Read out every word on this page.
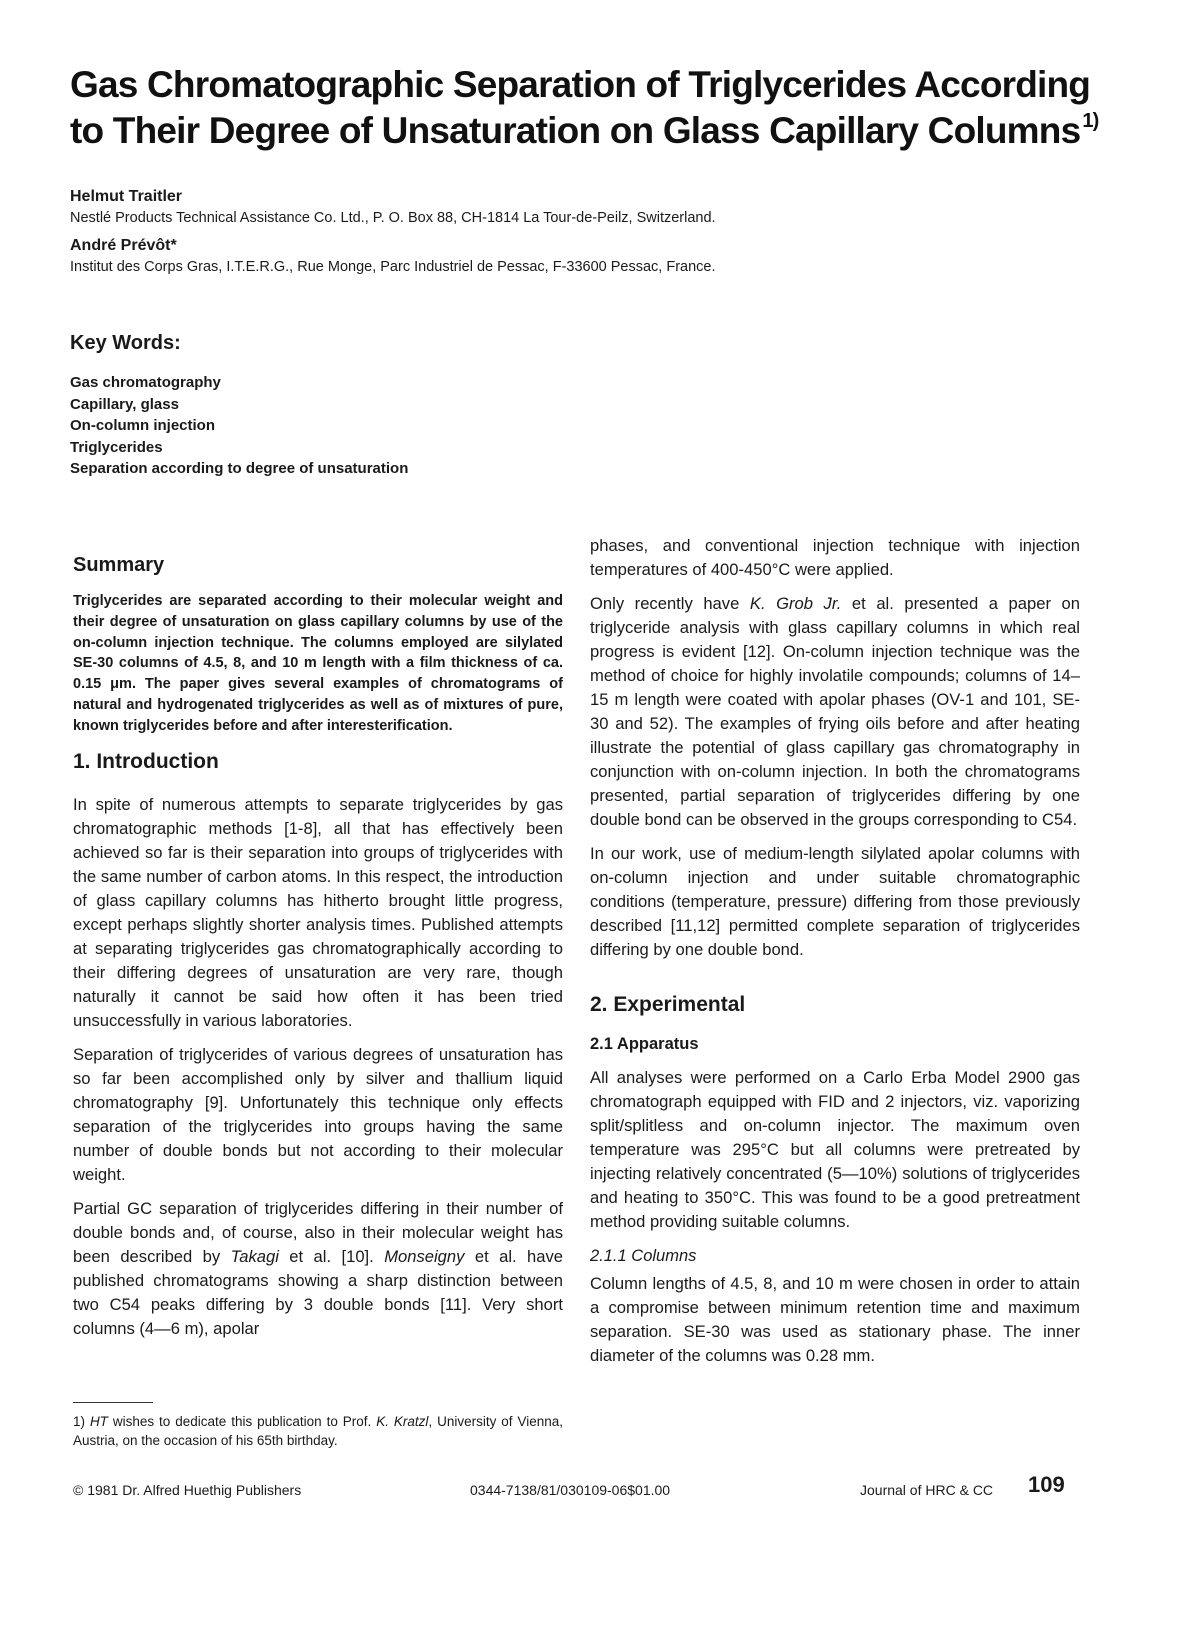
Gas Chromatographic Separation of Triglycerides According
to Their Degree of Unsaturation on Glass Capillary Columns $^{1)}$
Helmut Traitler
Nestlé Products Technical Assistance Co. Ltd., P. O. Box 88, CH-1814 La Tour-de-Peilz, Switzerland.
André Prévôt*
Institut des Corps Gras, I.T.E.R.G., Rue Monge, Parc Industriel de Pessac, F-33600 Pessac, France.
Key Words:
Gas chromatography
Capillary, glass
On-column injection
Triglycerides
Separation according to degree of unsaturation
Summary

Triglycerides are separated according to their molecular weight and their degree of unsaturation on glass capillary columns by use of the on-column injection technique. The columns employed are silylated SE-30 columns of 4.5, 8, and 10 m length with a film thickness of ca. 0.15 μm. The paper gives several examples of chromatograms of natural and hydrogenated triglycerides as well as of mixtures of pure, known triglycerides before and after interesterification.

1. Introduction

In spite of numerous attempts to separate triglycerides by gas chromatographic methods [1-8], all that has effectively been achieved so far is their separation into groups of triglycerides with the same number of carbon atoms. In this respect, the introduction of glass capillary columns has hitherto brought little progress, except perhaps slightly shorter analysis times. Published attempts at separating triglycerides gas chromatographically according to their differing degrees of unsaturation are very rare, though naturally it cannot be said how often it has been tried unsuccessfully in various laboratories.

Separation of triglycerides of various degrees of unsaturation has so far been accomplished only by silver and thallium liquid chromatography [9]. Unfortunately this technique only effects separation of the triglycerides into groups having the same number of double bonds but not according to their molecular weight.

Partial GC separation of triglycerides differing in their number of double bonds and, of course, also in their molecular weight has been described by Takagi et al. [10]. Monseigny et al. have published chromatograms showing a sharp distinction between two C54 peaks differing by 3 double bonds [11]. Very short columns (4—6 m), apolar

phases, and conventional injection technique with injection temperatures of 400-450°C were applied.

Only recently have K. Grob Jr. et al. presented a paper on triglyceride analysis with glass capillary columns in which real progress is evident [12]. On-column injection technique was the method of choice for highly involatile compounds; columns of 14–15 m length were coated with apolar phases (OV-1 and 101, SE-30 and 52). The examples of frying oils before and after heating illustrate the potential of glass capillary gas chromatography in conjunction with on-column injection. In both the chromatograms presented, partial separation of triglycerides differing by one double bond can be observed in the groups corresponding to C54.

In our work, use of medium-length silylated apolar columns with on-column injection and under suitable chromatographic conditions (temperature, pressure) differing from those previously described [11,12] permitted complete separation of triglycerides differing by one double bond.

2. Experimental
2.1 Apparatus

All analyses were performed on a Carlo Erba Model 2900 gas chromatograph equipped with FID and 2 injectors, viz. vaporizing split/splitless and on-column injector. The maximum oven temperature was 295°C but all columns were pretreated by injecting relatively concentrated (5—10%) solutions of triglycerides and heating to 350°C. This was found to be a good pretreatment method providing suitable columns.

2.1.1 Columns

Column lengths of 4.5, 8, and 10 m were chosen in order to attain a compromise between minimum retention time and maximum separation. SE-30 was used as stationary phase. The inner diameter of the columns was 0.28 mm.

1) HT wishes to dedicate this publication to Prof. K. Kratzl, University of Vienna, Austria, on the occasion of his 65th birthday.
© 1981 Dr. Alfred Huethig Publishers	0344-7138/81/030109-06$01.00	Journal of HRC & CC 109
